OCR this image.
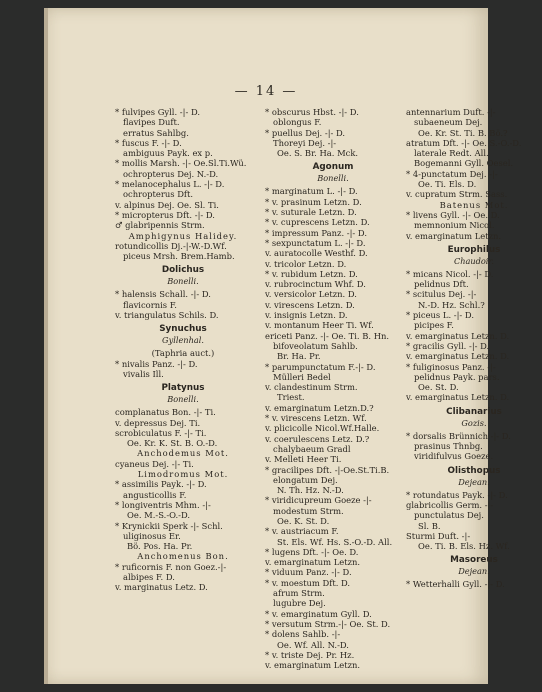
— 14 —
* fulvipes Gyll. -|- D.
flavipes Duft.
erratus Sahlbg.
* fuscus F. -|- D.
ambiguus Payk. ex p.
* mollis Marsh. -|- Oe.Sl.Ti.Wü.
ochropterus Dej. N.-D.
* melanocephalus L. -|- D.
ochropterus Dft.
v. alpinus Dej. Oe. Sl. Ti.
* micropterus Dft. -|- D.
♂ glabripennis Strm.
Amphigynus Halidey.
rotundicollis Dj.-|-W.-D.Wf.
piceus Mrsh. Brem.Hamb.
Dolichus
Bonelli.
* halensis Schall. -|- D.
flavicornis F.
v. triangulatus Schils. D.
Synuchus
Gyllenhal.
(Taphria auct.)
* nivalis Panz. -|- D.
vivalis Ill.
Platynus
Bonelli.
complanatus Bon. -|- Ti.
v. depressus Dej. Ti.
scrobiculatus F. -|- Ti.
Oe. Kr. K. St. B. O.-D.
Anchodemus Mot.
cyaneus Dej. -|- Ti.
Limodromus Mot.
* assimilis Payk. -|- D.
angusticollis F.
* longiventris Mhm. -|-
Oe. M.-S.-O.-D.
* Krynickii Sperk -|- Schl.
uliginosus Er.
Bö. Pos. Ha. Pr.
Anchomenus Bon.
* ruficornis F. non Goez.-|-
albipes F. D.
v. marginatus Letz. D.
* obscurus Hbst. -|- D.
oblongus F.
* puellus Dej. -|- D.
Thoreyi Dej. -|-
Oe. S. Br. Ha. Mck.
Agonum
Bonelli.
* marginatum L. -|- D.
* v. prasinum Letzn. D.
* v. suturale Letzn. D.
* v. cuprescens Letzn. D.
* impressum Panz. -|- D.
* sexpunctatum L. -|- D.
v. auratocolle Westhf. D.
v. tricolor Letzn. D.
* v. rubidum Letzn. D.
v. rubrocinctum Whf. D.
v. versicolor Letzn. D.
v. virescens Letzn. D.
v. insignis Letzn. D.
v. montanum Heer Ti. Wf.
ericeti Panz. -|- Oe. Ti. B. Hn.
bifoveolatum Sahlb.
Br. Ha. Pr.
* parumpunctatum F.-|- D.
Mülleri Bedel
v. clandestinum Strm.
Triest.
v. emarginatum Letzn.D.?
* v. virescens Letzn. Wf.
v. plicicolle Nicol.Wf.Halle.
v. coerulescens Letz. D.?
chalybaeum Gradl
v. Melleti Heer Ti.
* gracilipes Dft. -|-Oe.St.Ti.B.
elongatum Dej.
N. Th. Hz. N.-D.
* viridicupreum Goeze -|-
modestum Strm.
Oe. K. St. D.
* v. austriacum F.
St. Els. Wf. Hs. S.-O.-D. All.
* lugens Dft. -|- Oe. D.
v. emarginatum Letzn.
* viduum Panz. -|- D.
* v. moestum Dft. D.
afrum Strm.
lugubre Dej.
* v. emarginatum Gyll. D.
* versutum Strm.-|- Oe. St. D.
* dolens Sahlb. -|-
Oe. Wf. All. N.-D.
* v. triste Dej. Pr. Hz.
v. emarginatum Letzn.
antennarium Duft. -|-
subaeneum Dej.
Oe. Kr. St. Ti. B. Bö.?
atratum Dft. -|- Oe. S.-O.-D.
laterale Redt. All.
Bogemanni Gyll. Oesel.
* 4-punctatum Dej. -|-
Oe. Ti. Els. D.
v. cupratum Strm. Sass.
Batenus Mot.
* livens Gyll. -|- Oe. D.
memnonium Nicol.
v. emarginatum Letzn.
Europhilus
Chaudoir.
* micans Nicol. -|- D.
pelidnus Dft.
* scitulus Dej. -|-
N.-D. Hz. Schl.?
* piceus L. -|- D.
picipes F.
v. emarginatus Letzn. D.
* gracilis Gyll. -|- D.
v. emarginatus Letzn. D.
* fuliginosus Panz. -|-
pelidnus Payk. pars.
Oe. St. D.
v. emarginatus Letzn. D.
Clibanarius
Gozis.
* dorsalis Brünnich -|- D.
prasinus Thnbg.
viridifulvus Goeze.
Olisthopus
Dejean.
* rotundatus Payk. -|- D.
glabricollis Germ. -|-
punctulatus Dej.
Sl. B.
Sturmi Duft. -|-
Oe. Ti. B. Els. Hz. Wf.
Masoreus
Dejean.
* Wetterhalli Gyll. -|- D.
